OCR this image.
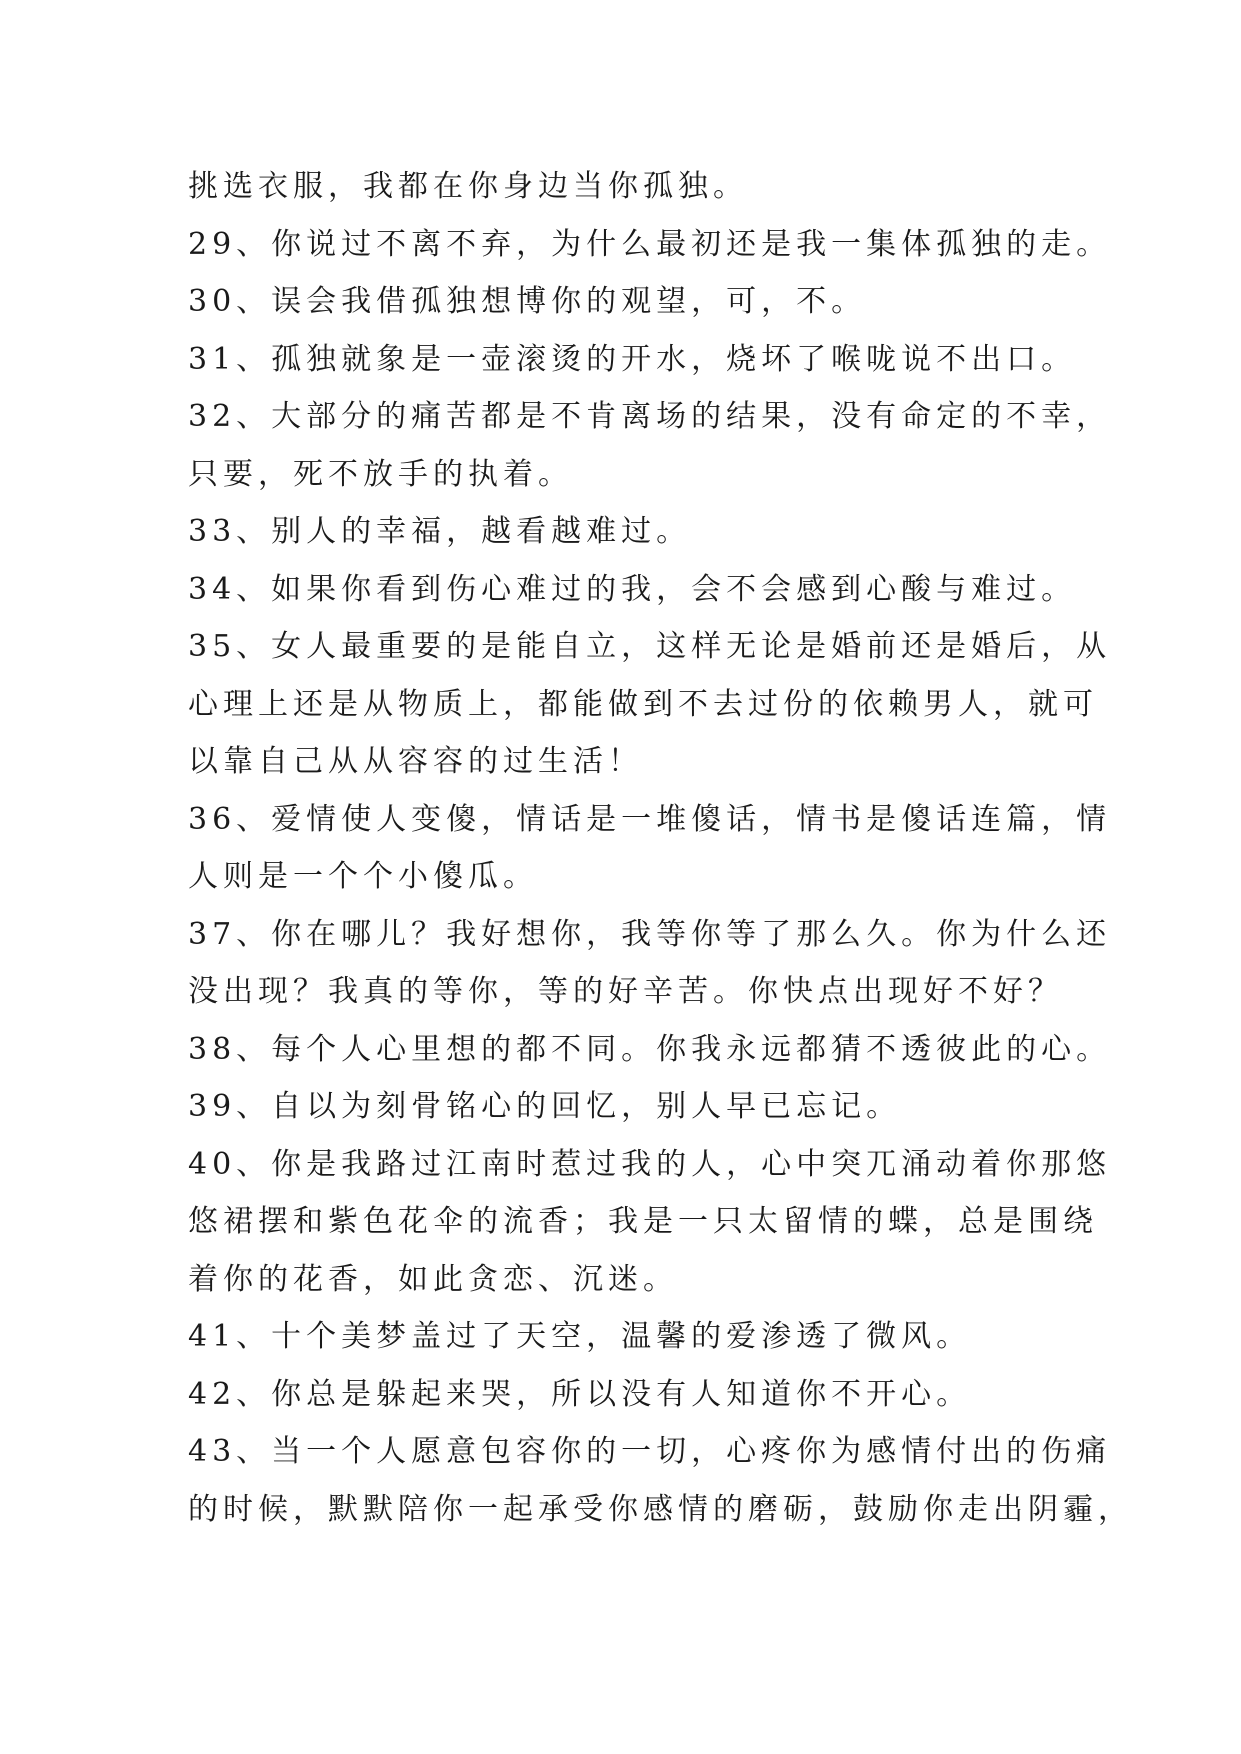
挑选衣服，我都在你身边当你孤独。
29、你说过不离不弃，为什么最初还是我一集体孤独的走。
30、误会我借孤独想博你的观望，可，不。
31、孤独就象是一壶滚烫的开水，烧坏了喉咙说不出口。
32、大部分的痛苦都是不肯离场的结果，没有命定的不幸，
只要，死不放手的执着。
33、别人的幸福，越看越难过。
34、如果你看到伤心难过的我，会不会感到心酸与难过。
35、女人最重要的是能自立，这样无论是婚前还是婚后，从
心理上还是从物质上，都能做到不去过份的依赖男人，就可
以靠自己从从容容的过生活！
36、爱情使人变傻，情话是一堆傻话，情书是傻话连篇，情
人则是一个个小傻瓜。
37、你在哪儿？我好想你，我等你等了那么久。你为什么还
没出现？我真的等你，等的好辛苦。你快点出现好不好？
38、每个人心里想的都不同。你我永远都猜不透彼此的心。
39、自以为刻骨铭心的回忆，别人早已忘记。
40、你是我路过江南时惹过我的人，心中突兀涌动着你那悠
悠裙摆和紫色花伞的流香；我是一只太留情的蝶，总是围绕
着你的花香，如此贪恋、沉迷。
41、十个美梦盖过了天空，温馨的爱渗透了微风。
42、你总是躲起来哭，所以没有人知道你不开心。
43、当一个人愿意包容你的一切，心疼你为感情付出的伤痛
的时候，默默陪你一起承受你感情的磨砺，鼓励你走出阴霾，
